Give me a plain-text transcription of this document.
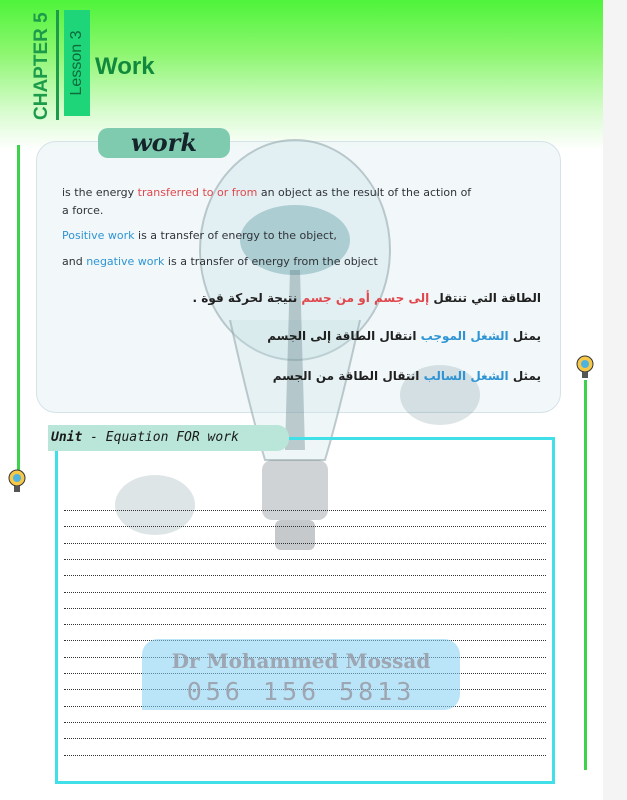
CHAPTER 5 Lesson 3 Work
work
is the energy transferred to or from an object as the result of the action of
a force.
Positive work is a transfer of energy to the object,
and negative work is a transfer of energy from the object
الطاقة التي تنتقل إلى جسم أو من جسم نتيجة لحركة قوة .
يمثل الشغل الموجب انتقال الطاقة إلى الجسم
يمثل الشغل السالب انتقال الطاقة من الجسم
Unit - Equation FOR work
Dr Mohammed Mossad
056 156 5813
